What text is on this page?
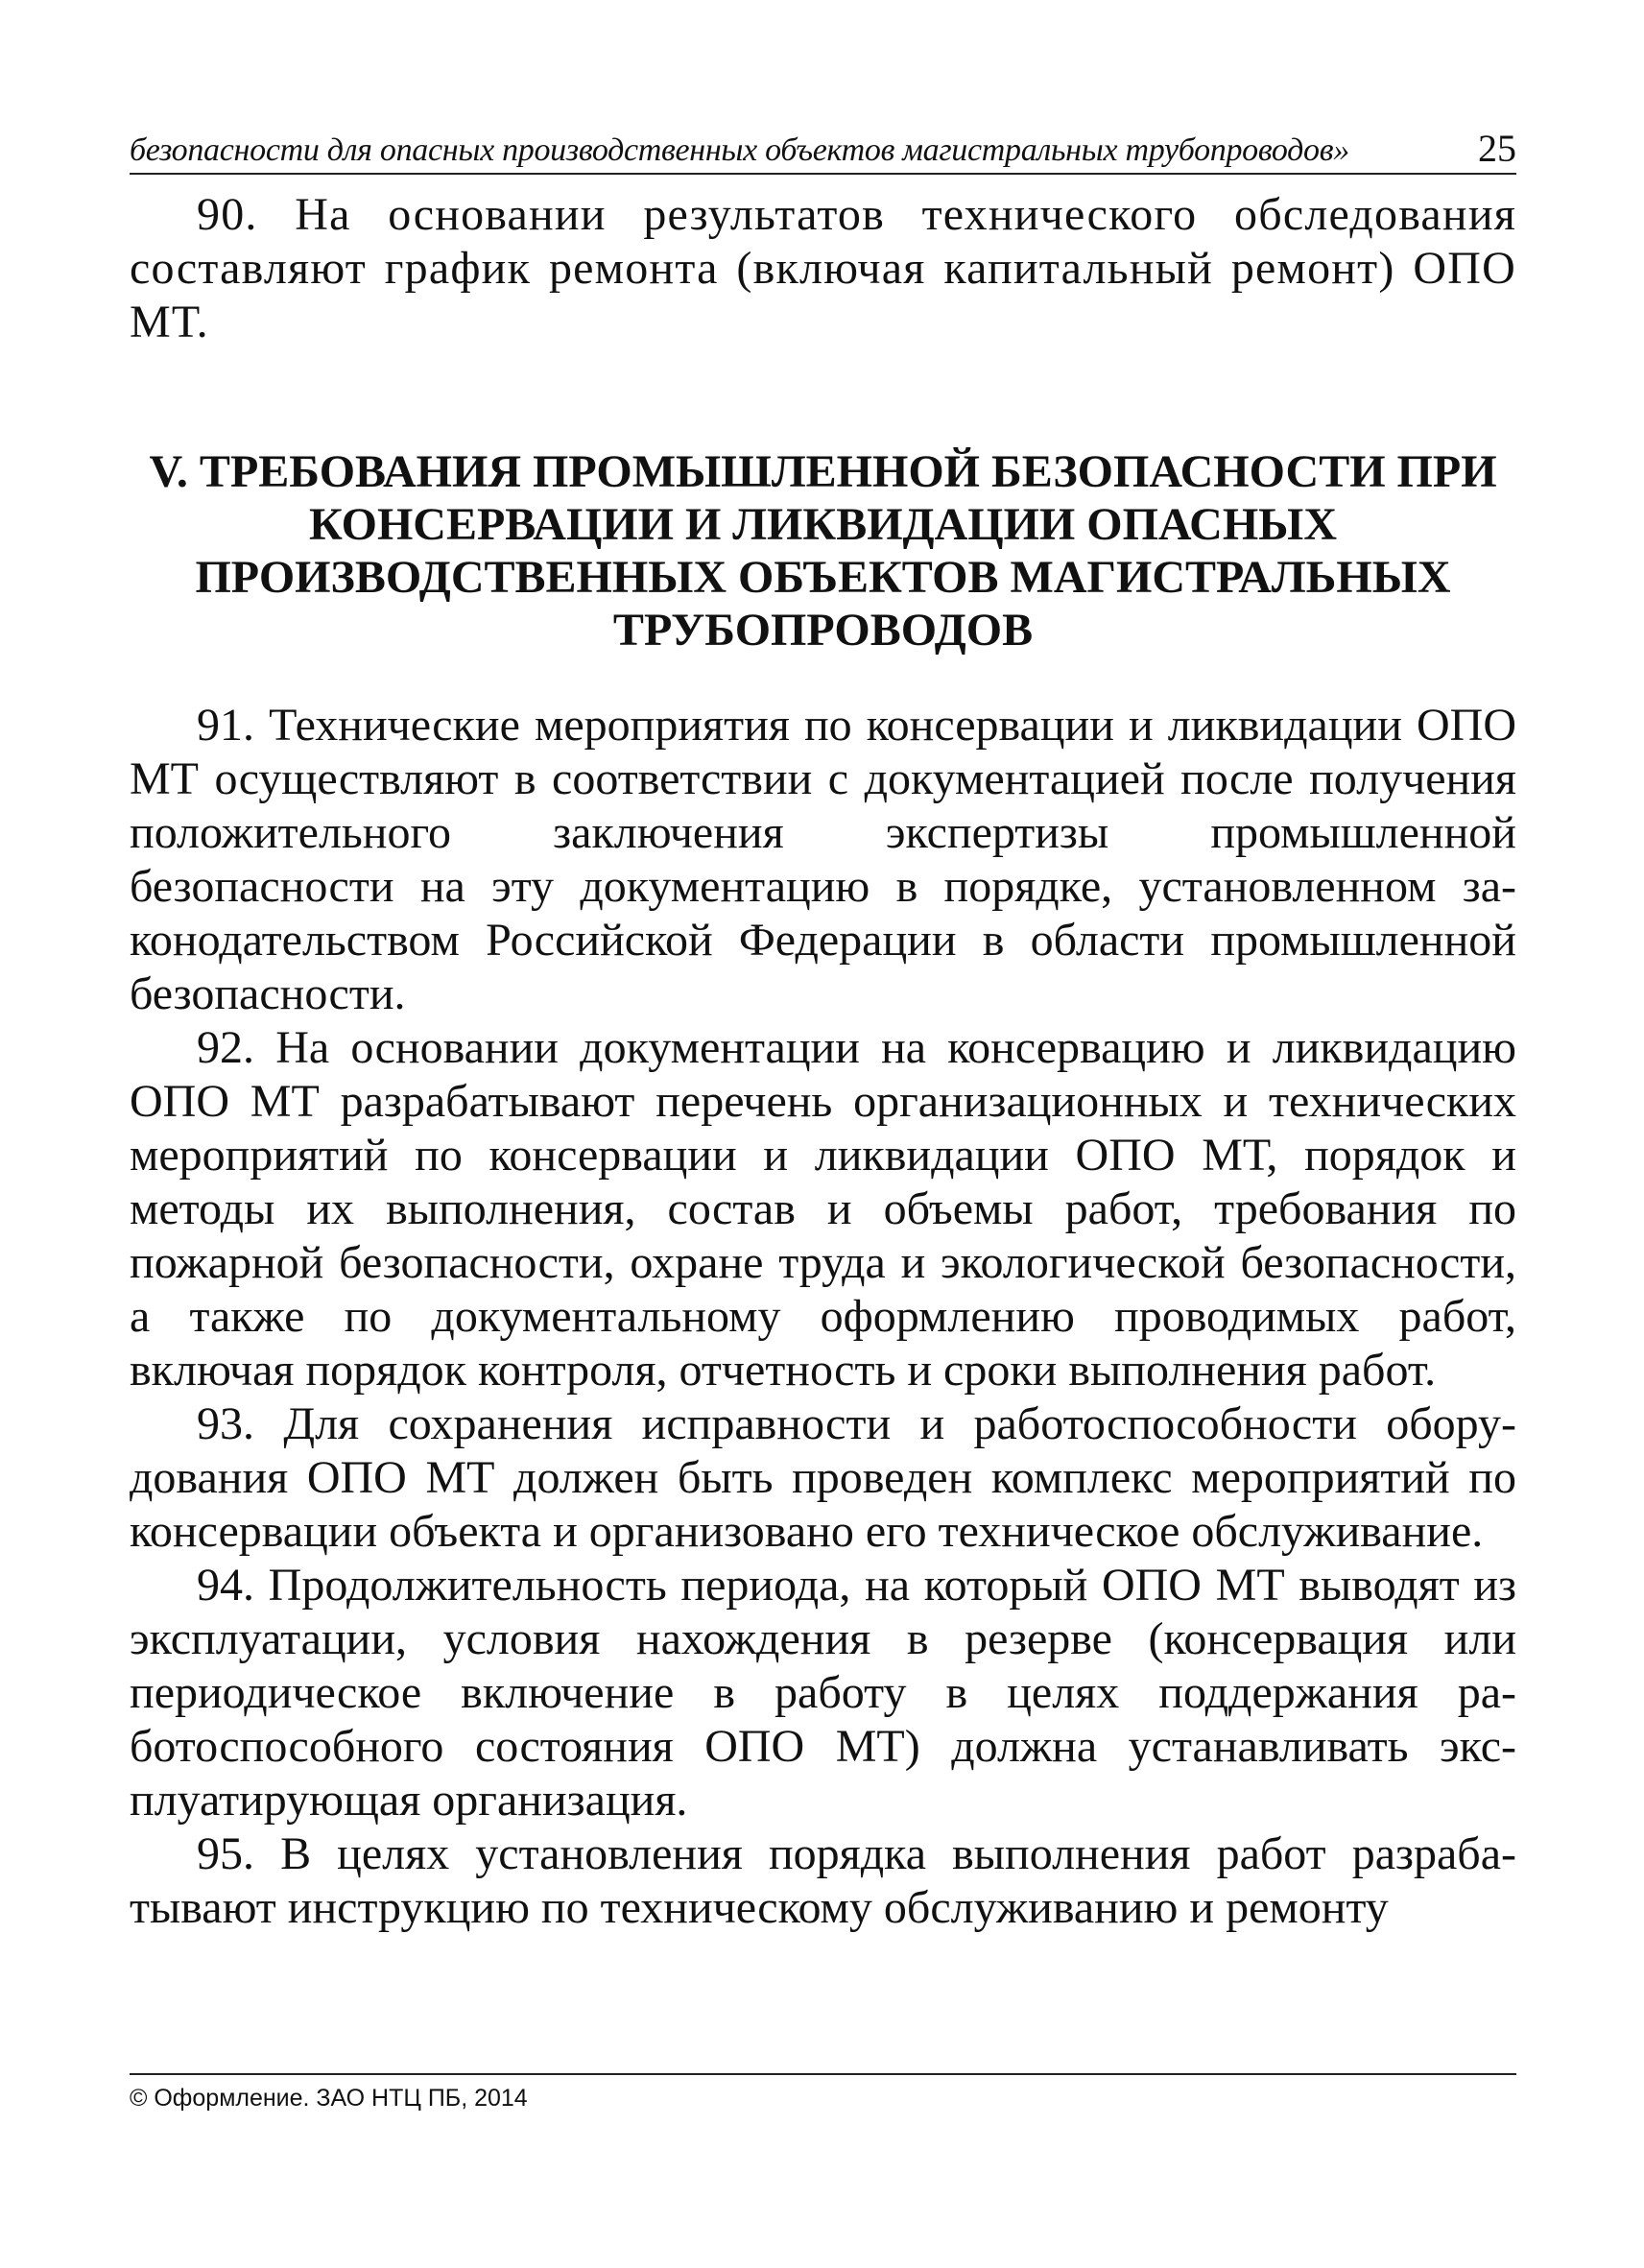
безопасности для опасных производственных объектов магистральных трубопроводов»	25

90. На основании результатов технического обследования составляют график ремонта (включая капитальный ремонт) ОПО МТ.

V. ТРЕБОВАНИЯ ПРОМЫШЛЕННОЙ БЕЗОПАСНОСТИ ПРИ КОНСЕРВАЦИИ И ЛИКВИДАЦИИ ОПАСНЫХ ПРОИЗВОДСТВЕННЫХ ОБЪЕКТОВ МАГИСТРАЛЬНЫХ ТРУБОПРОВОДОВ

91. Технические мероприятия по консервации и ликвидации ОПО МТ осуществляют в соответствии с документацией после получения положительного заключения экспертизы промышленной безопасности на эту документацию в порядке, установленном законодательством Российской Федерации в области промышленной безопасности.

92. На основании документации на консервацию и ликвидацию ОПО МТ разрабатывают перечень организационных и технических мероприятий по консервации и ликвидации ОПО МТ, порядок и методы их выполнения, состав и объемы работ, требования по пожарной безопасности, охране труда и экологической безопасности, а также по документальному оформлению проводимых работ, включая порядок контроля, отчетность и сроки выполнения работ.

93. Для сохранения исправности и работоспособности оборудования ОПО МТ должен быть проведен комплекс мероприятий по консервации объекта и организовано его техническое обслуживание.

94. Продолжительность периода, на который ОПО МТ выводят из эксплуатации, условия нахождения в резерве (консервация или периодическое включение в работу в целях поддержания работоспособного состояния ОПО МТ) должна устанавливать эксплуатирующая организация.

95. В целях установления порядка выполнения работ разрабатывают инструкцию по техническому обслуживанию и ремонту

© Оформление. ЗАО НТЦ ПБ, 2014
